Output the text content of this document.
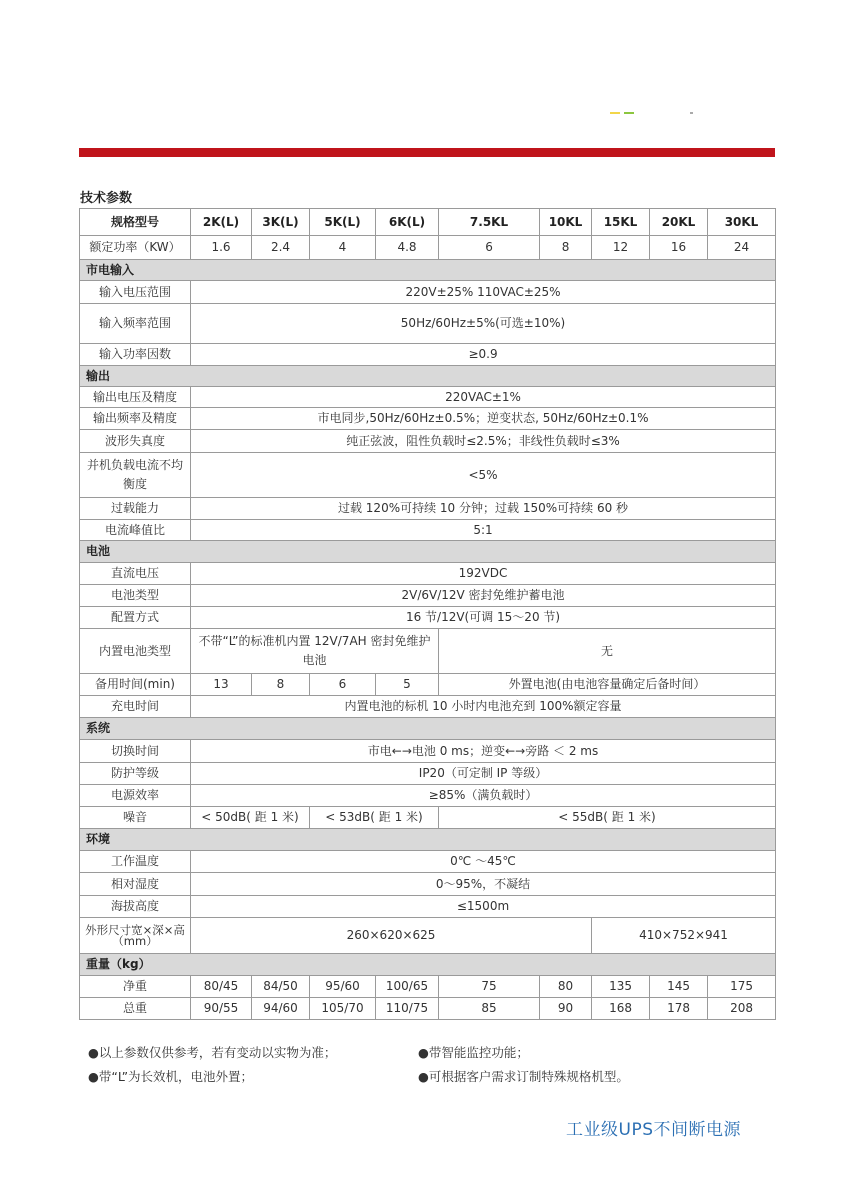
技术参数
规格型号	2K(L)	3K(L)	5K(L)	6K(L)	7.5KL	10KL	15KL	20KL	30KL
额定功率（KW）	1.6	2.4	4	4.8	6	8	12	16	24
市电输入									
输入电压范围	220V±25% 110VAC±25%								
输入频率范围	50Hz/60Hz±5%(可选±10%)								
输入功率因数	≥0.9								
输出									
输出电压及精度	220VAC±1%								
输出频率及精度	市电同步,50Hz/60Hz±0.5%；逆变状态, 50Hz/60Hz±0.1%								
波形失真度	纯正弦波，阻性负载时≤2.5%；非线性负载时≤3%								
并机负载电流不均衡度	<5%								
过载能力	过载 120%可持续 10 分钟；过载 150%可持续 60 秒								
电流峰值比	5:1								
电池									
直流电压	192VDC								
电池类型	2V/6V/12V 密封免维护蓄电池								
配置方式	16 节/12V(可调 15～20 节)								
内置电池类型	不带“L”的标准机内置 12V/7AH 密封免维护电池				无				
备用时间(min)	13	8	6	5	外置电池(由电池容量确定后备时间）				
充电时间	内置电池的标机 10 小时内电池充到 100%额定容量								
系统									
切换时间	市电←→电池 0 ms；逆变←→旁路 ＜ 2 ms								
防护等级	IP20（可定制 IP 等级）								
电源效率	≥85%（满负载时）								
噪音	< 50dB( 距 1 米)		< 53dB( 距 1 米)		< 55dB( 距 1 米)				
环境									
工作温度	0℃ ～45℃								
相对湿度	0～95%，不凝结								
海拔高度	≤1500m								
外形尺寸宽×深×高（mm）	260×620×625						410×752×941		
重量（kg）									
净重	80/45	84/50	95/60	100/65	75	80	135	145	175
总重	90/55	94/60	105/70	110/75	85	90	168	178	208
●以上参数仅供参考，若有变动以实物为准；	●带智能监控功能；
●带“L”为长效机，电池外置；	●可根据客户需求订制特殊规格机型。
工业级UPS不间断电源
